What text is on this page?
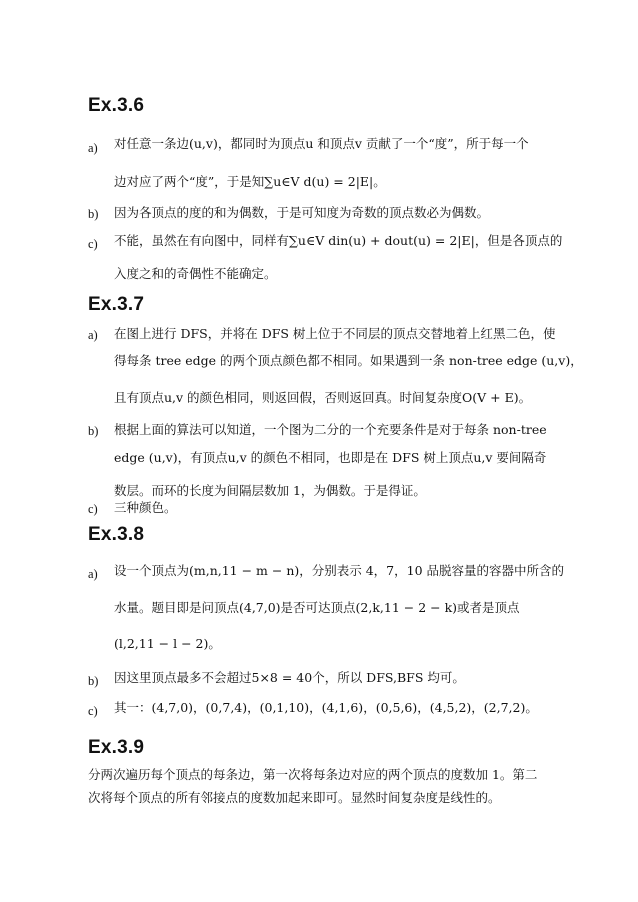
Ex.3.6
a) 对任意一条边(u,v)，都同时为顶点u 和顶点v 贡献了一个“度”，所于每一个
边对应了两个“度”，于是知∑u∈V d(u) = 2|E|。
b) 因为各顶点的度的和为偶数，于是可知度为奇数的顶点数必为偶数。
c) 不能，虽然在有向图中，同样有∑u∈V din(u) + dout(u) = 2|E|，但是各顶点的
入度之和的奇偶性不能确定。
Ex.3.7
a) 在图上进行 DFS，并将在 DFS 树上位于不同层的顶点交替地着上红黑二色，使
得每条 tree edge 的两个顶点颜色都不相同。如果遇到一条 non-tree edge (u,v)，
且有顶点u,v 的颜色相同，则返回假，否则返回真。时间复杂度O(V + E)。
b) 根据上面的算法可以知道，一个图为二分的一个充要条件是对于每条 non-tree
edge (u,v)，有顶点u,v 的颜色不相同，也即是在 DFS 树上顶点u,v 要间隔奇
数层。而环的长度为间隔层数加 1，为偶数。于是得证。
c) 三种颜色。
Ex.3.8
a) 设一个顶点为(m,n,11 − m − n)，分别表示 4，7，10 品脱容量的容器中所含的
水量。题目即是问顶点(4,7,0)是否可达顶点(2,k,11 − 2 − k)或者是顶点
(l,2,11 − l − 2)。
b) 因这里顶点最多不会超过5×8 = 40个，所以 DFS,BFS 均可。
c) 其一：(4,7,0)，(0,7,4)，(0,1,10)，(4,1,6)，(0,5,6)，(4,5,2)，(2,7,2)。
Ex.3.9
分两次遍历每个顶点的每条边，第一次将每条边对应的两个顶点的度数加 1。第二
次将每个顶点的所有邻接点的度数加起来即可。显然时间复杂度是线性的。
